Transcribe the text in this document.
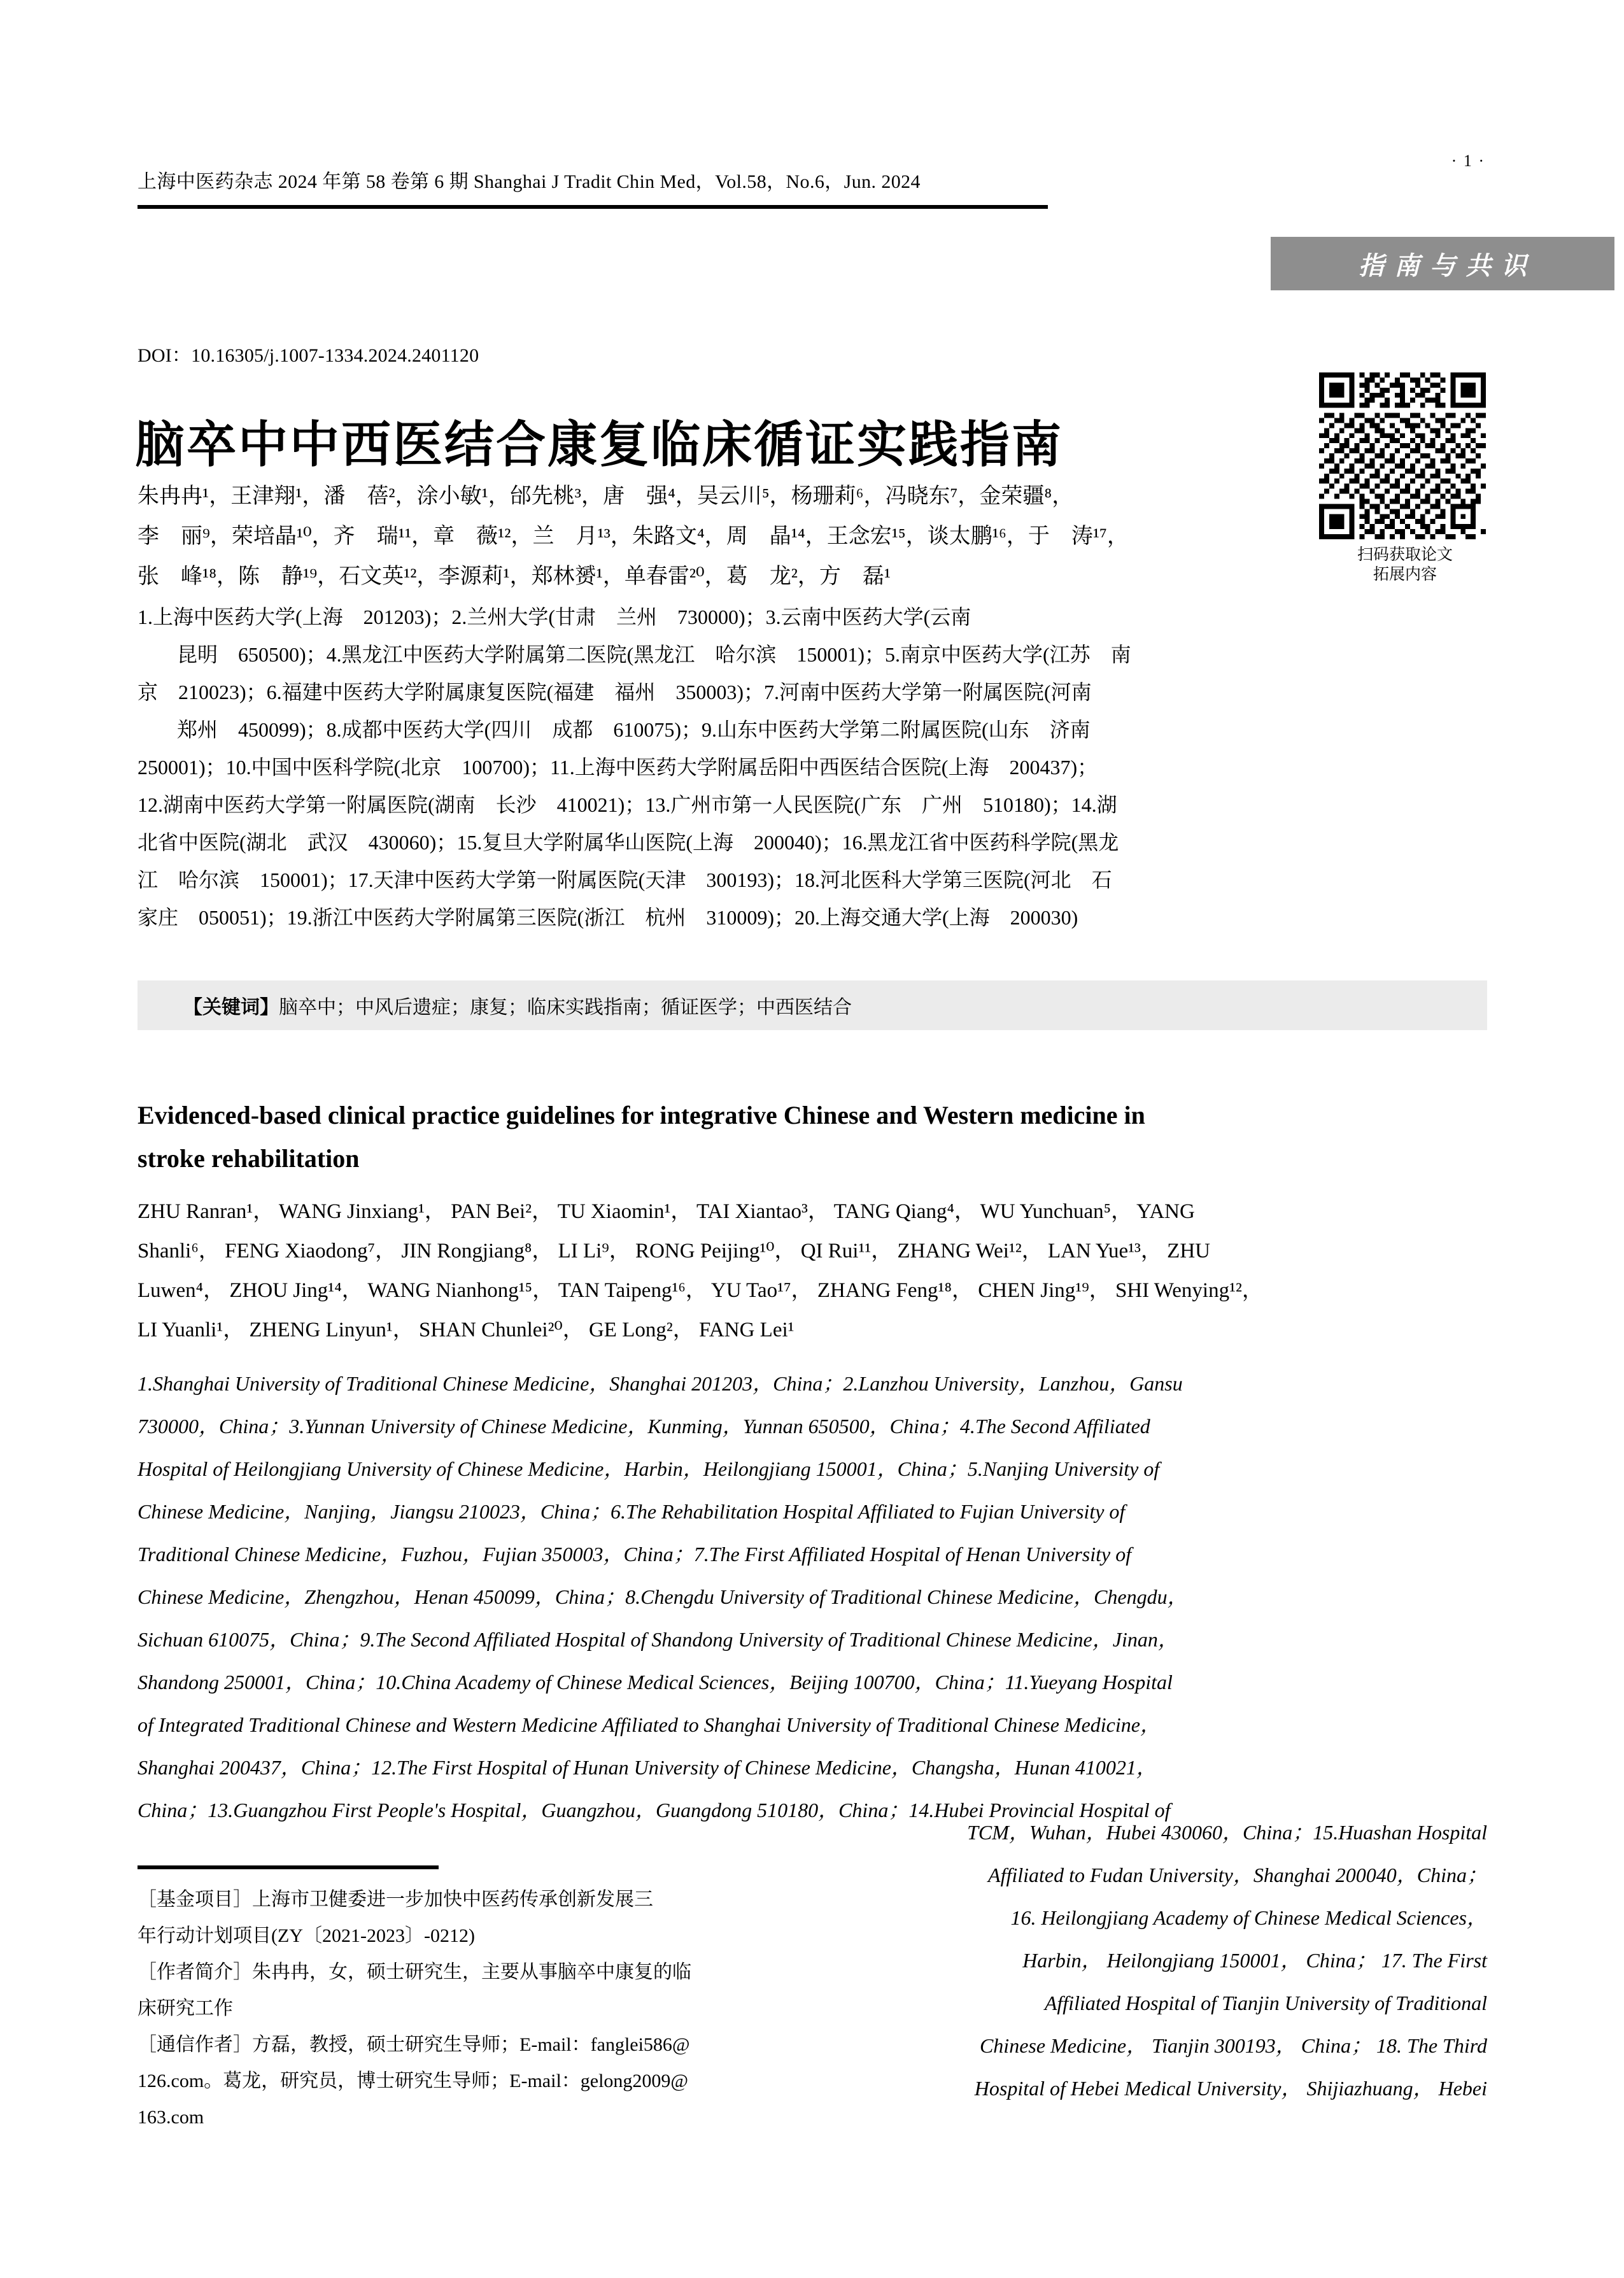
· 1 ·
上海中医药杂志 2024 年第 58 卷第 6 期 Shanghai J Tradit Chin Med，Vol.58，No.6，Jun. 2024
指南与共识
DOI：10.16305/j.1007-1334.2024.2401120
脑卒中中西医结合康复临床循证实践指南
扫码获取论文
拓展内容
朱冉冉¹，王津翔¹，潘　蓓²，涂小敏¹，邰先桃³，唐　强⁴，吴云川⁵，杨珊莉⁶，冯晓东⁷，金荣疆⁸，
李　丽⁹，荣培晶¹⁰，齐　瑞¹¹，章　薇¹²，兰　月¹³，朱路文⁴，周　晶¹⁴，王念宏¹⁵，谈太鹏¹⁶，于　涛¹⁷，
张　峰¹⁸，陈　静¹⁹，石文英¹²，李源莉¹，郑林赟¹，单春雷²⁰，葛　龙²，方　磊¹
1.上海中医药大学(上海　201203)；2.兰州大学(甘肃　兰州　730000)；3.云南中医药大学(云南
昆明　650500)；4.黑龙江中医药大学附属第二医院(黑龙江　哈尔滨　150001)；5.南京中医药大学(江苏　南
京　210023)；6.福建中医药大学附属康复医院(福建　福州　350003)；7.河南中医药大学第一附属医院(河南
郑州　450099)；8.成都中医药大学(四川　成都　610075)；9.山东中医药大学第二附属医院(山东　济南
250001)；10.中国中医科学院(北京　100700)；11.上海中医药大学附属岳阳中西医结合医院(上海　200437)；
12.湖南中医药大学第一附属医院(湖南　长沙　410021)；13.广州市第一人民医院(广东　广州　510180)；14.湖
北省中医院(湖北　武汉　430060)；15.复旦大学附属华山医院(上海　200040)；16.黑龙江省中医药科学院(黑龙
江　哈尔滨　150001)；17.天津中医药大学第一附属医院(天津　300193)；18.河北医科大学第三医院(河北　石
家庄　050051)；19.浙江中医药大学附属第三医院(浙江　杭州　310009)；20.上海交通大学(上海　200030)
【关键词】脑卒中；中风后遗症；康复；临床实践指南；循证医学；中西医结合
Evidenced-based clinical practice guidelines for integrative Chinese and Western medicine in
stroke rehabilitation
ZHU Ranran¹， WANG Jinxiang¹， PAN Bei²， TU Xiaomin¹， TAI Xiantao³， TANG Qiang⁴， WU Yunchuan⁵， YANG
Shanli⁶， FENG Xiaodong⁷， JIN Rongjiang⁸， LI Li⁹， RONG Peijing¹⁰， QI Rui¹¹， ZHANG Wei¹²， LAN Yue¹³， ZHU
Luwen⁴， ZHOU Jing¹⁴， WANG Nianhong¹⁵， TAN Taipeng¹⁶， YU Tao¹⁷， ZHANG Feng¹⁸， CHEN Jing¹⁹， SHI Wenying¹²，
LI Yuanli¹， ZHENG Linyun¹， SHAN Chunlei²⁰， GE Long²， FANG Lei¹
1.Shanghai University of Traditional Chinese Medicine，Shanghai 201203，China；2.Lanzhou University，Lanzhou，Gansu
730000，China；3.Yunnan University of Chinese Medicine，Kunming，Yunnan 650500，China；4.The Second Affiliated
Hospital of Heilongjiang University of Chinese Medicine，Harbin，Heilongjiang 150001，China；5.Nanjing University of
Chinese Medicine，Nanjing，Jiangsu 210023，China；6.The Rehabilitation Hospital Affiliated to Fujian University of
Traditional Chinese Medicine，Fuzhou，Fujian 350003，China；7.The First Affiliated Hospital of Henan University of
Chinese Medicine，Zhengzhou，Henan 450099，China；8.Chengdu University of Traditional Chinese Medicine，Chengdu，
Sichuan 610075，China；9.The Second Affiliated Hospital of Shandong University of Traditional Chinese Medicine，Jinan，
Shandong 250001，China；10.China Academy of Chinese Medical Sciences，Beijing 100700，China；11.Yueyang Hospital
of Integrated Traditional Chinese and Western Medicine Affiliated to Shanghai University of Traditional Chinese Medicine，
Shanghai 200437，China；12.The First Hospital of Hunan University of Chinese Medicine，Changsha，Hunan 410021，
China；13.Guangzhou First People's Hospital，Guangzhou，Guangdong 510180，China；14.Hubei Provincial Hospital of
TCM，Wuhan，Hubei 430060，China；15.Huashan Hospital
Affiliated to Fudan University，Shanghai 200040，China；
16. Heilongjiang Academy of Chinese Medical Sciences，
Harbin， Heilongjiang 150001， China； 17. The First
Affiliated Hospital of Tianjin University of Traditional
Chinese Medicine， Tianjin 300193， China； 18. The Third
Hospital of Hebei Medical University， Shijiazhuang， Hebei

［基金项目］上海市卫健委进一步加快中医药传承创新发展三

年行动计划项目(ZY〔2021-2023〕-0212)

［作者简介］朱冉冉，女，硕士研究生，主要从事脑卒中康复的临

床研究工作

［通信作者］方磊，教授，硕士研究生导师；E-mail：fanglei586@

126.com。葛龙，研究员，博士研究生导师；E-mail：gelong2009@

163.com
